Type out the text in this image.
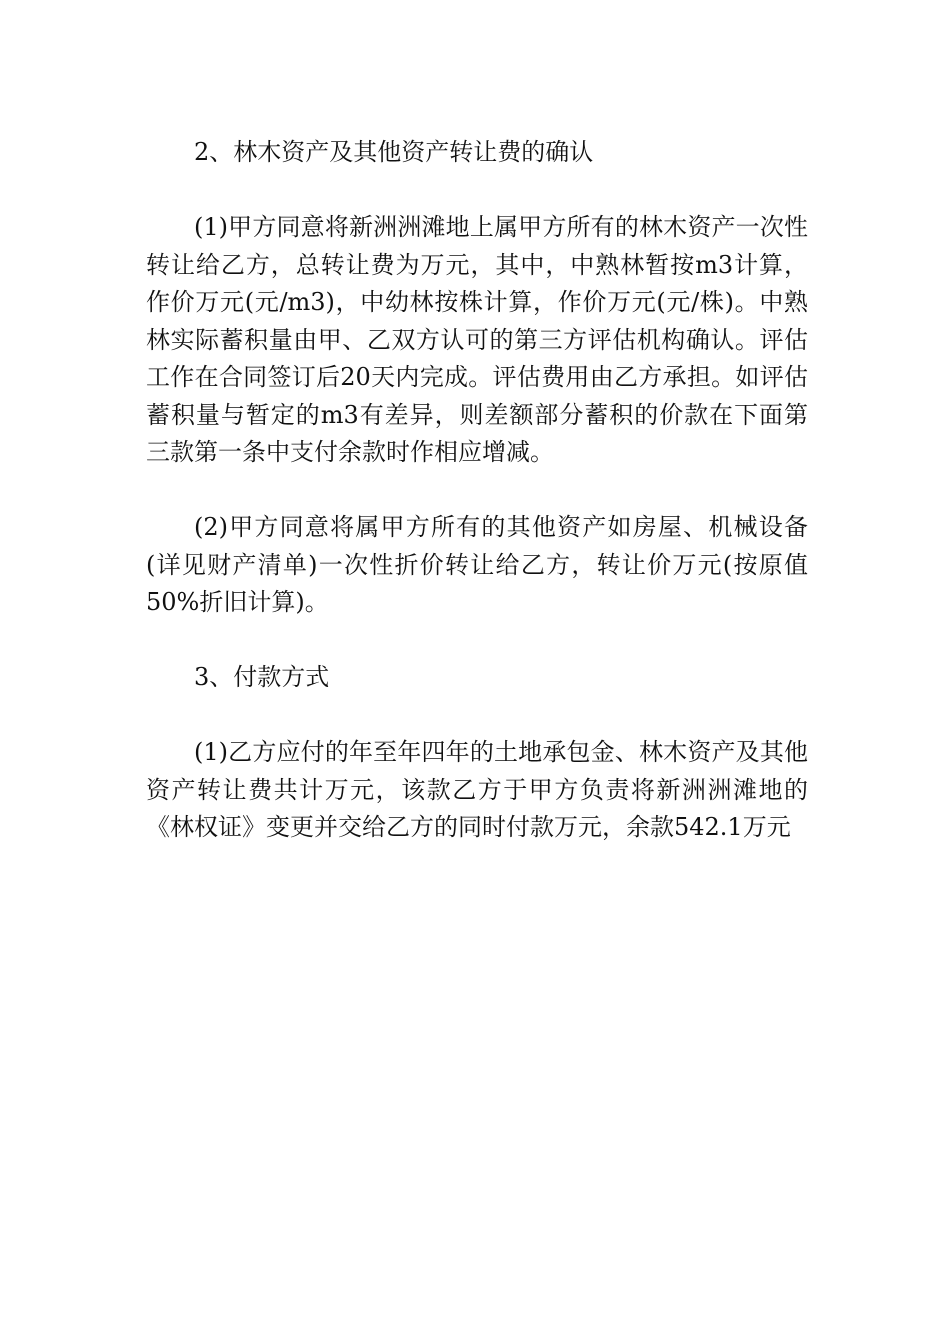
2、林木资产及其他资产转让费的确认

(1)甲方同意将新洲洲滩地上属甲方所有的林木资产一次性转让给乙方，总转让费为万元，其中，中熟林暂按m3计算，作价万元(元/m3)，中幼林按株计算，作价万元(元/株)。中熟林实际蓄积量由甲、乙双方认可的第三方评估机构确认。评估工作在合同签订后20天内完成。评估费用由乙方承担。如评估蓄积量与暂定的m3有差异，则差额部分蓄积的价款在下面第三款第一条中支付余款时作相应增减。

(2)甲方同意将属甲方所有的其他资产如房屋、机械设备(详见财产清单)一次性折价转让给乙方，转让价万元(按原值50%折旧计算)。

3、付款方式

(1)乙方应付的年至年四年的土地承包金、林木资产及其他资产转让费共计万元，该款乙方于甲方负责将新洲洲滩地的《林权证》变更并交给乙方的同时付款万元，余款542.1万元
